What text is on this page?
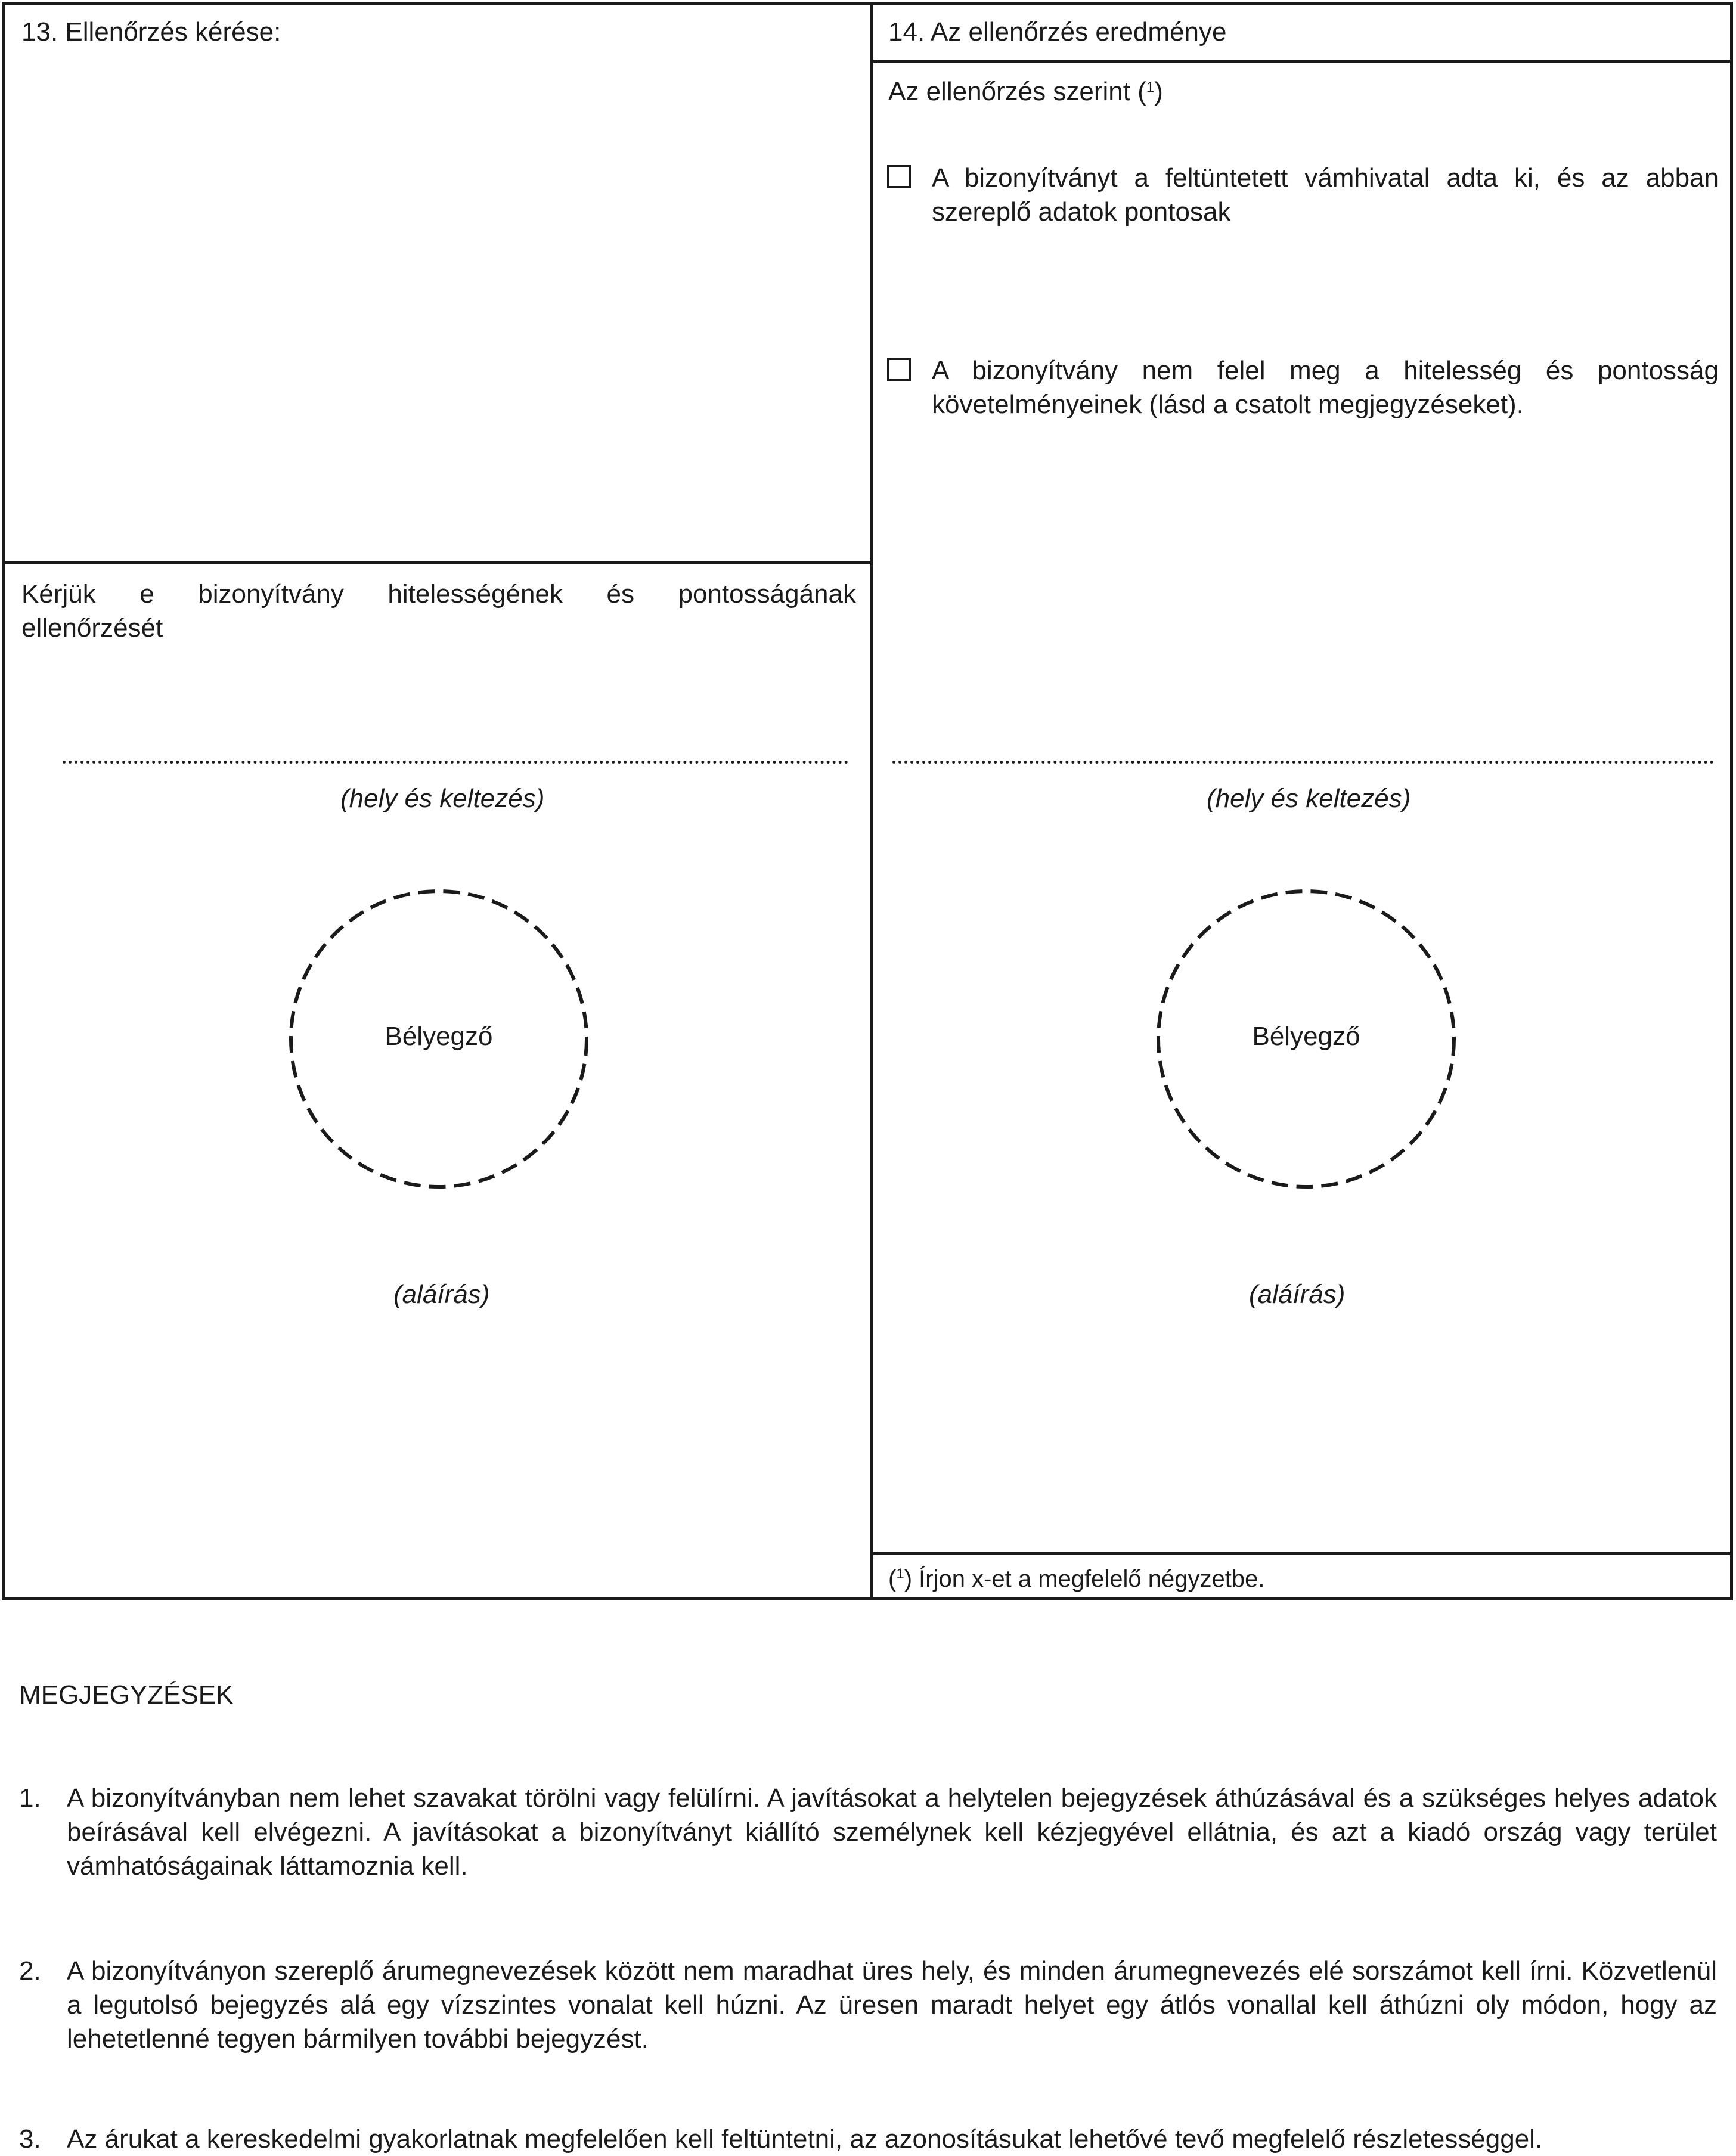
13. Ellenőrzés kérése:
Kérjük e bizonyítvány hitelességének és pontosságának
ellenőrzését
(hely és keltezés)
Bélyegző
(aláírás)
14. Az ellenőrzés eredménye
Az ellenőrzés szerint ($^1$)
A bizonyítványt a feltüntetett vámhivatal adta ki, és az abban szereplő adatok pontosak
A bizonyítvány nem felel meg a hitelesség és pontosság követelményeinek (lásd a csatolt megjegyzéseket).
(hely és keltezés)
Bélyegző
(aláírás)
($^1$) Írjon x-et a megfelelő négyzetbe.
MEGJEGYZÉSEK
1. A bizonyítványban nem lehet szavakat törölni vagy felülírni. A javításokat a helytelen bejegyzések áthúzásával és a szükséges helyes adatok beírásával kell elvégezni. A javításokat a bizonyítványt kiállító személynek kell kézjegyével ellátnia, és azt a kiadó ország vagy terület vámhatóságainak láttamoznia kell.
2. A bizonyítványon szereplő árumegnevezések között nem maradhat üres hely, és minden árumegnevezés elé sorszámot kell írni. Közvetlenül a legutolsó bejegyzés alá egy vízszintes vonalat kell húzni. Az üresen maradt helyet egy átlós vonallal kell áthúzni oly módon, hogy az lehetetlenné tegyen bármilyen további bejegyzést.
3. Az árukat a kereskedelmi gyakorlatnak megfelelően kell feltüntetni, az azonosításukat lehetővé tevő megfelelő részletességgel.
